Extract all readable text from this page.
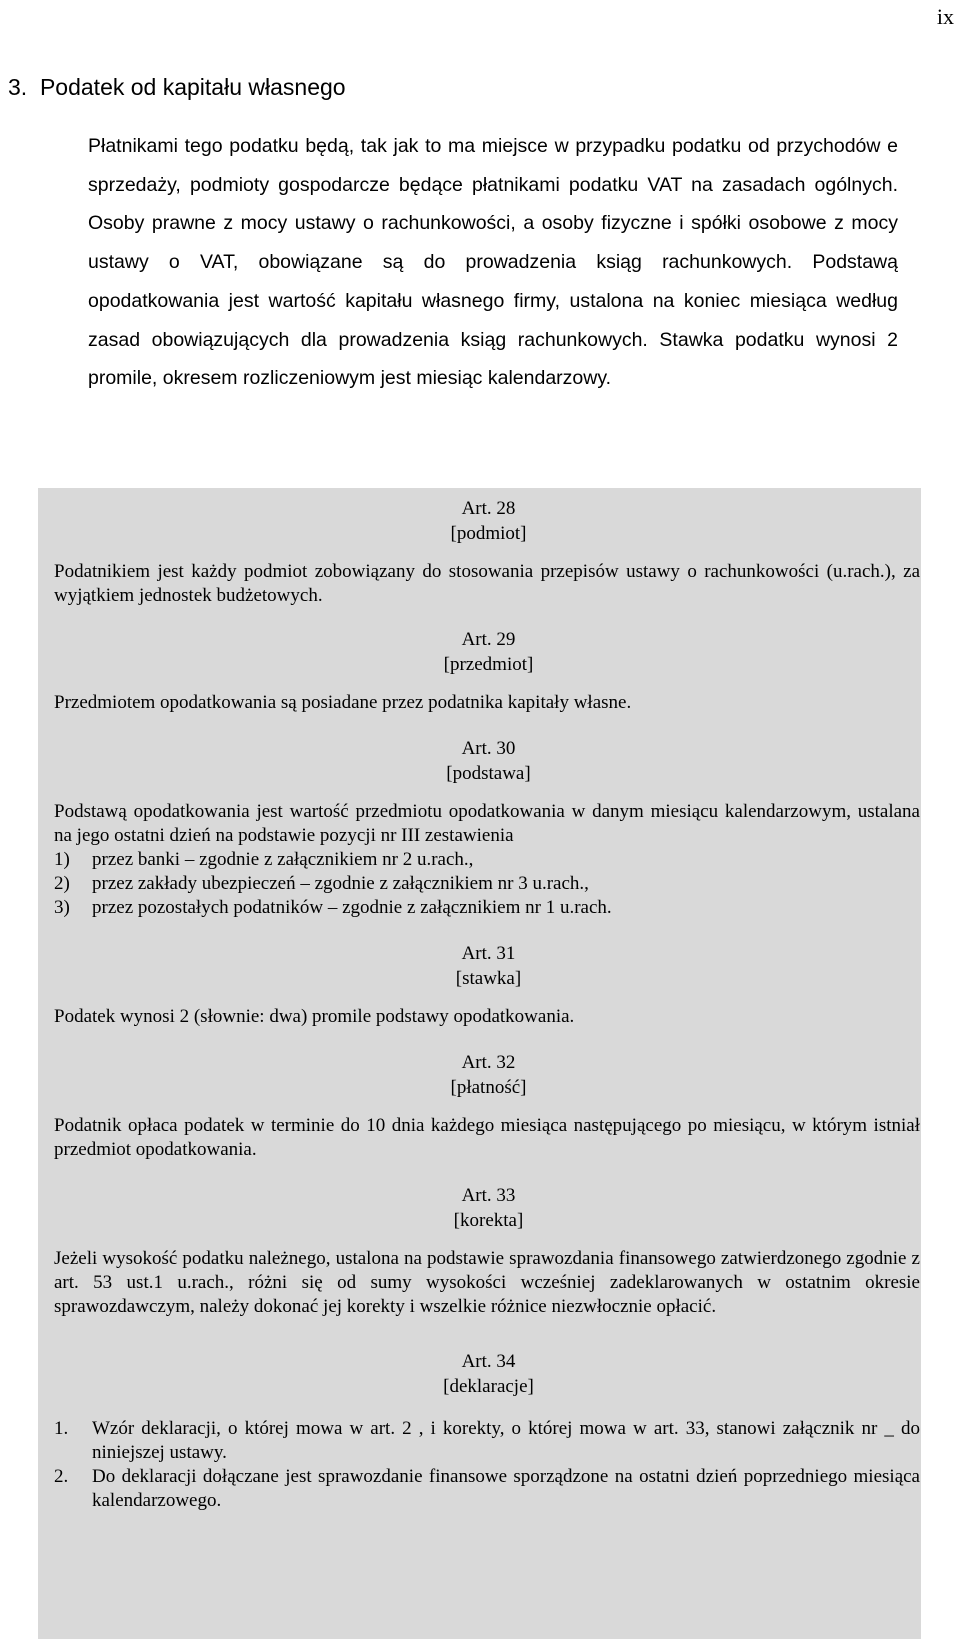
ix
3. Podatek od kapitału własnego

Płatnikami tego podatku będą, tak jak to ma miejsce w przypadku podatku od przychodów e sprzedaży, podmioty gospodarcze będące płatnikami podatku VAT na zasadach ogólnych. Osoby prawne z mocy ustawy o rachunkowości, a osoby fizyczne i spółki osobowe z mocy ustawy o VAT, obowiązane są do prowadzenia ksiąg rachunkowych. Podstawą opodatkowania jest wartość kapitału własnego firmy, ustalona na koniec miesiąca według zasad obowiązujących dla prowadzenia ksiąg rachunkowych. Stawka podatku wynosi 2 promile, okresem rozliczeniowym jest miesiąc kalendarzowy.

Art. 28
[podmiot]

Podatnikiem jest każdy podmiot zobowiązany do stosowania przepisów ustawy o rachunkowości (u.rach.), za wyjątkiem jednostek budżetowych.

Art. 29
[przedmiot]

Przedmiotem opodatkowania są posiadane przez podatnika kapitały własne.

Art. 30
[podstawa]

Podstawą opodatkowania jest wartość przedmiotu opodatkowania w danym miesiącu kalendarzowym, ustalana na jego ostatni dzień na podstawie pozycji nr III zestawienia

1)	przez banki – zgodnie z załącznikiem nr 2 u.rach.,
2)	przez zakłady ubezpieczeń – zgodnie z załącznikiem nr 3 u.rach.,
3)	przez pozostałych podatników – zgodnie z załącznikiem nr 1 u.rach.
Art. 31
[stawka]

Podatek wynosi 2 (słownie: dwa) promile podstawy opodatkowania.

Art. 32
[płatność]

Podatnik opłaca podatek w terminie do 10 dnia każdego miesiąca następującego po miesiącu, w którym istniał przedmiot opodatkowania.

Art. 33
[korekta]

Jeżeli wysokość podatku należnego, ustalona na podstawie sprawozdania finansowego zatwierdzonego zgodnie z art. 53 ust.1 u.rach., różni się od sumy wysokości wcześniej zadeklarowanych w ostatnim okresie sprawozdawczym, należy dokonać jej korekty i wszelkie różnice niezwłocznie opłacić.

Art. 34
[deklaracje]
1.	Wzór deklaracji, o której mowa w art. 2 , i korekty, o której mowa w art. 33, stanowi załącznik nr _ do niniejszej ustawy.
2.	Do deklaracji dołączane jest sprawozdanie finansowe sporządzone na ostatni dzień poprzedniego miesiąca kalendarzowego.
